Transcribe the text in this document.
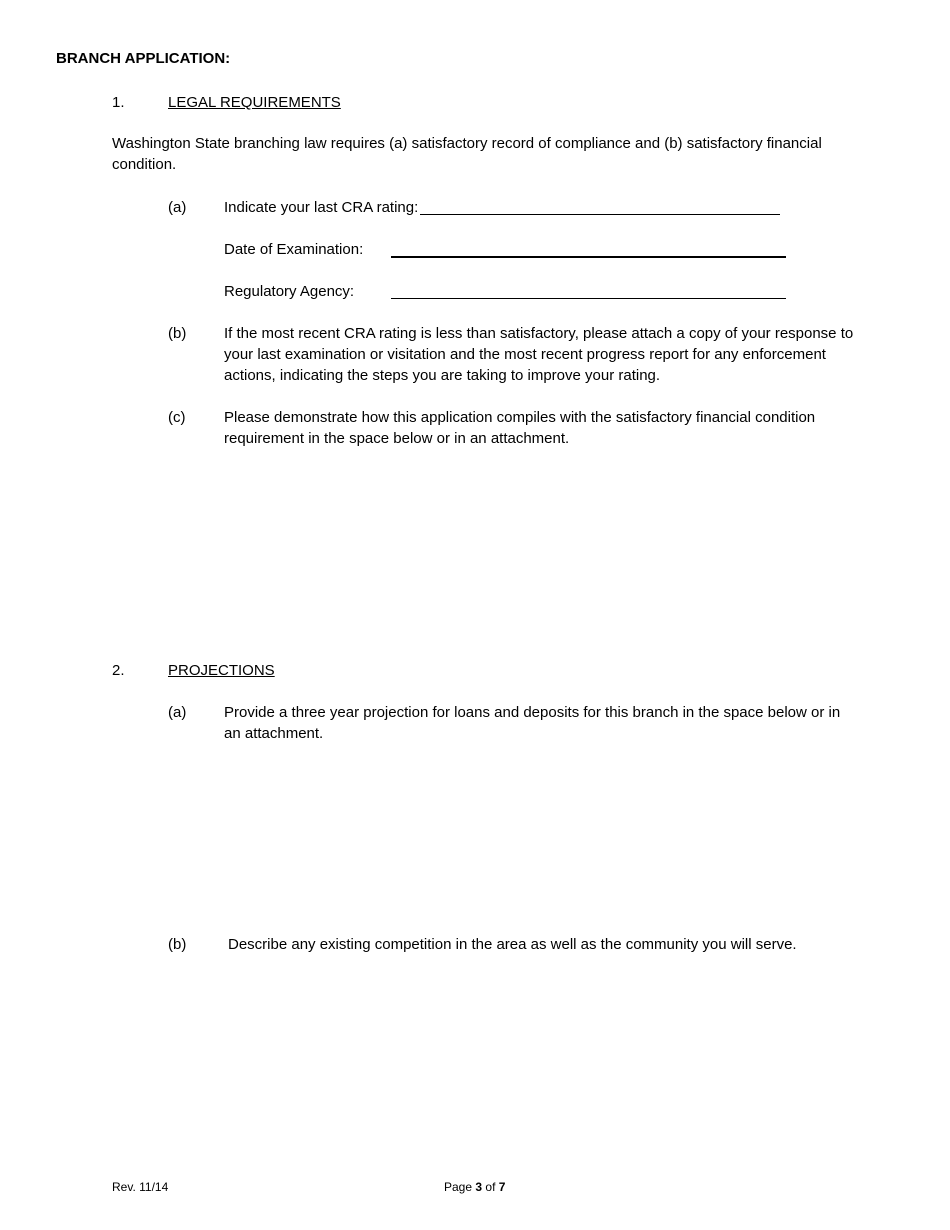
BRANCH APPLICATION:
1.	LEGAL REQUIREMENTS
Washington State branching law requires (a) satisfactory record of compliance and (b) satisfactory financial condition.
(a)	Indicate your last CRA rating:
Date of Examination:
Regulatory Agency:
(b)	If the most recent CRA rating is less than satisfactory, please attach a copy of your response to your last examination or visitation and the most recent progress report for any enforcement actions, indicating the steps you are taking to improve your rating.
(c)	Please demonstrate how this application compiles with the satisfactory financial condition requirement in the space below or in an attachment.
2.	PROJECTIONS
(a)	Provide a three year projection for loans and deposits for this branch in the space below or in an attachment.
(b)	Describe any existing competition in the area as well as the community you will serve.
Rev. 11/14	Page 3 of 7
